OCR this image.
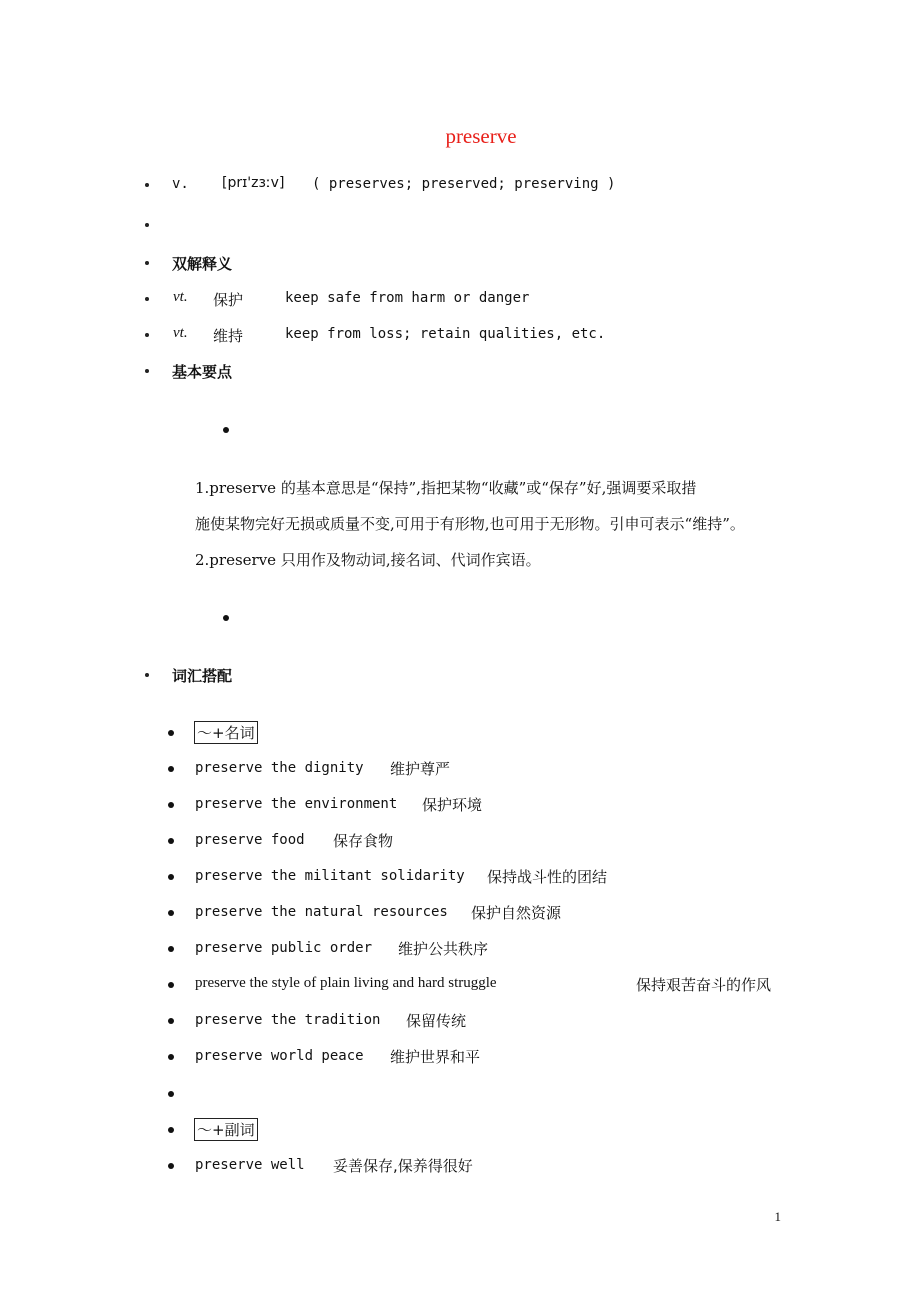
preserve
v. [prɪ'zɜːv] ( preserves; preserved; preserving )
双解释义
vt. 保护	keep safe from harm or danger
vt. 维持	keep from loss; retain qualities, etc.
基本要点
1.preserve 的基本意思是“保持”,指把某物“收藏”或“保存”好,强调要采取措
施使某物完好无损或质量不变,可用于有形物,也可用于无形物。引申可表示“维持”。
2.preserve 只用作及物动词,接名词、代词作宾语。
词汇搭配
～+名词
preserve the dignity 维护尊严
preserve the environment 保护环境
preserve food 保存食物
preserve the militant solidarity 保持战斗性的团结
preserve the natural resources 保护自然资源
preserve public order 维护公共秩序
preserve the style of plain living and hard struggle	保持艰苦奋斗的作风
preserve the tradition 保留传统
preserve world peace 维护世界和平
～+副词
preserve well 妥善保存,保养得很好
1
